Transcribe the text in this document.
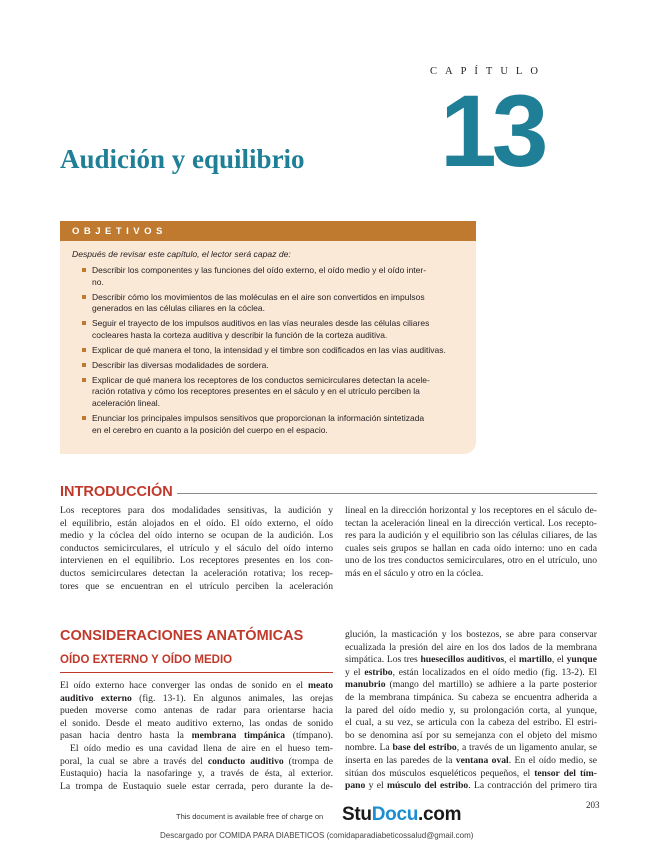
CAPÍTULO
13
Audición y equilibrio
OBJETIVOS
Después de revisar este capítulo, el lector será capaz de:
Describir los componentes y las funciones del oído externo, el oído medio y el oído inter-
no.
Describir cómo los movimientos de las moléculas en el aire son convertidos en impulsos
generados en las células ciliares en la cóclea.
Seguir el trayecto de los impulsos auditivos en las vías neurales desde las células ciliares
cocleares hasta la corteza auditiva y describir la función de la corteza auditiva.
Explicar de qué manera el tono, la intensidad y el timbre son codificados en las vías auditivas.
Describir las diversas modalidades de sordera.
Explicar de qué manera los receptores de los conductos semicirculares detectan la acele-
ración rotativa y cómo los receptores presentes en el sáculo y en el utrículo perciben la
aceleración lineal.
Enunciar los principales impulsos sensitivos que proporcionan la información sintetizada
en el cerebro en cuanto a la posición del cuerpo en el espacio.
INTRODUCCIÓN
Los receptores para dos modalidades sensitivas, la audición y
el equilibrio, están alojados en el oído. El oído externo, el oído
medio y la cóclea del oído interno se ocupan de la audición. Los
conductos semicirculares, el utrículo y el sáculo del oído interno
intervienen en el equilibrio. Los receptores presentes en los con-
ductos semicirculares detectan la aceleración rotativa; los recep-
tores que se encuentran en el utrículo perciben la aceleración
lineal en la dirección horizontal y los receptores en el sáculo de-
tectan la aceleración lineal en la dirección vertical. Los recepto-
res para la audición y el equilibrio son las células ciliares, de las
cuales seis grupos se hallan en cada oído interno: uno en cada
uno de los tres conductos semicirculares, otro en el utrículo, uno
más en el sáculo y otro en la cóclea.
CONSIDERACIONES ANATÓMICAS
OÍDO EXTERNO Y OÍDO MEDIO
El oído externo hace converger las ondas de sonido en el meato
auditivo externo (fig. 13-1). En algunos animales, las orejas
pueden moverse como antenas de radar para orientarse hacia
el sonido. Desde el meato auditivo externo, las ondas de sonido
pasan hacia dentro hasta la membrana timpánica (tímpano).
El oído medio es una cavidad llena de aire en el hueso tem-
poral, la cual se abre a través del conducto auditivo (trompa de
Eustaquio) hacia la nasofaringe y, a través de ésta, al exterior.
La trompa de Eustaquio suele estar cerrada, pero durante la de-
glución, la masticación y los bostezos, se abre para conservar
ecualizada la presión del aire en los dos lados de la membrana
simpática. Los tres huesecillos auditivos, el martillo, el yunque
y el estribo, están localizados en el oído medio (fig. 13-2). El
manubrio (mango del martillo) se adhiere a la parte posterior
de la membrana timpánica. Su cabeza se encuentra adherida a
la pared del oído medio y, su prolongación corta, al yunque,
el cual, a su vez, se articula con la cabeza del estribo. El estri-
bo se denomina así por su semejanza con el objeto del mismo
nombre. La base del estribo, a través de un ligamento anular, se
inserta en las paredes de la ventana oval. En el oído medio, se
sitúan dos músculos esqueléticos pequeños, el tensor del tím-
pano y el músculo del estribo. La contracción del primero tira
203
This document is available free of charge on StuDocu.com
Descargado por COMIDA PARA DIABETICOS (comidaparadiabeticossalud@gmail.com)
